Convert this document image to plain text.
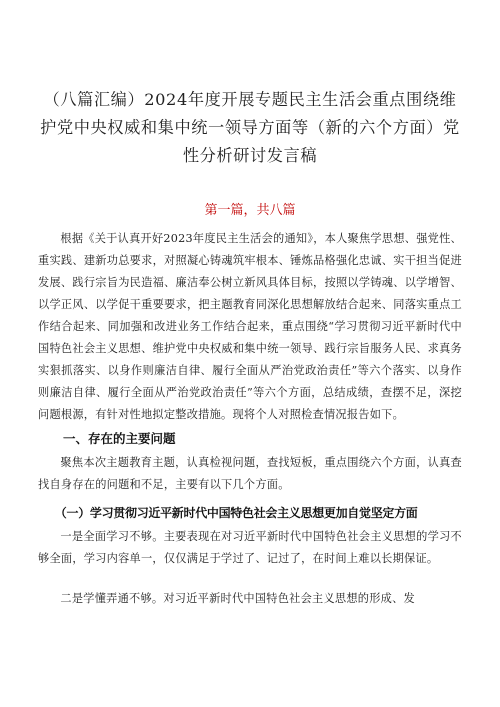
（八篇汇编）2024年度开展专题民主生活会重点围绕维护党中央权威和集中统一领导方面等（新的六个方面）党性分析研讨发言稿
第一篇，共八篇

根据《关于认真开好2023年度民主生活会的通知》，本人聚焦学思想、强党性、重实践、建新功总要求，对照凝心铸魂筑牢根本、锤炼品格强化忠诚、实干担当促进发展、践行宗旨为民造福、廉洁奉公树立新风具体目标，按照以学铸魂、以学增智、以学正风、以学促干重要要求，把主题教育同深化思想解放结合起来、同落实重点工作结合起来、同加强和改进业务工作结合起来，重点围绕“学习贯彻习近平新时代中国特色社会主义思想、维护党中央权威和集中统一领导、践行宗旨服务人民、求真务实狠抓落实、以身作则廉洁自律、履行全面从严治党政治责任”等六个落实、以身作则廉洁自律、履行全面从严治党政治责任”等六个方面，总结成绩，查摆不足，深挖问题根源，有针对性地拟定整改措施。现将个人对照检查情况报告如下。

一、存在的主要问题

聚焦本次主题教育主题，认真检视问题，查找短板，重点围绕六个方面，认真查找自身存在的问题和不足，主要有以下几个方面。

（一）学习贯彻习近平新时代中国特色社会主义思想更加自觉坚定方面

一是全面学习不够。主要表现在对习近平新时代中国特色社会主义思想的学习不够全面，学习内容单一，仅仅满足于学过了、记过了，在时间上难以长期保证。

二是学懂弄通不够。对习近平新时代中国特色社会主义思想的形成、发
